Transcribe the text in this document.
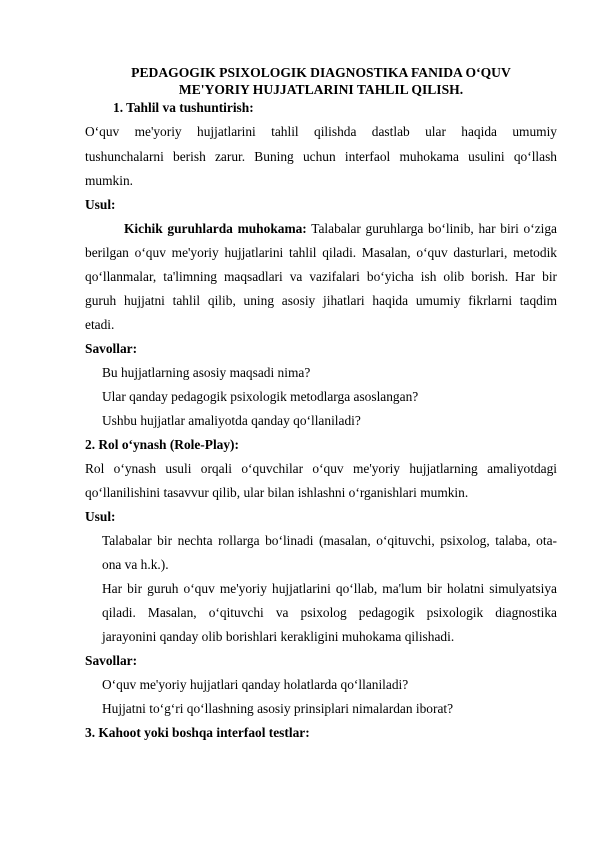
PEDAGOGIK PSIXOLOGIK DIAGNOSTIKA FANIDA O‘QUV
ME'YORIY HUJJATLARINI TAHLIL QILISH.
1. Tahlil va tushuntirish:
O‘quv me'yoriy hujjatlarini tahlil qilishda dastlab ular haqida umumiy
tushunchalarni berish zarur. Buning uchun interfaol muhokama usulini qo‘llash
mumkin.
Usul:
Kichik guruhlarda muhokama: Talabalar guruhlarga bo‘linib, har biri o‘ziga
berilgan o‘quv me'yoriy hujjatlarini tahlil qiladi. Masalan, o‘quv dasturlari, metodik
qo‘llanmalar, ta'limning maqsadlari va vazifalari bo‘yicha ish olib borish. Har bir
guruh hujjatni tahlil qilib, uning asosiy jihatlari haqida umumiy fikrlarni taqdim
etadi.
Savollar:
Bu hujjatlarning asosiy maqsadi nima?
Ular qanday pedagogik psixologik metodlarga asoslangan?
Ushbu hujjatlar amaliyotda qanday qo‘llaniladi?
2. Rol o‘ynash (Role-Play):
Rol o‘ynash usuli orqali o‘quvchilar o‘quv me'yoriy hujjatlarning amaliyotdagi
qo‘llanilishini tasavvur qilib, ular bilan ishlashni o‘rganishlari mumkin.
Usul:
Talabalar bir nechta rollarga bo‘linadi (masalan, o‘qituvchi, psixolog, talaba, ota-
ona va h.k.).
Har bir guruh o‘quv me'yoriy hujjatlarini qo‘llab, ma'lum bir holatni simulyatsiya
qiladi. Masalan, o‘qituvchi va psixolog pedagogik psixologik diagnostika
jarayonini qanday olib borishlari kerakligini muhokama qilishadi.
Savollar:
O‘quv me'yoriy hujjatlari qanday holatlarda qo‘llaniladi?
Hujjatni to‘g‘ri qo‘llashning asosiy prinsiplari nimalardan iborat?
3. Kahoot yoki boshqa interfaol testlar:
